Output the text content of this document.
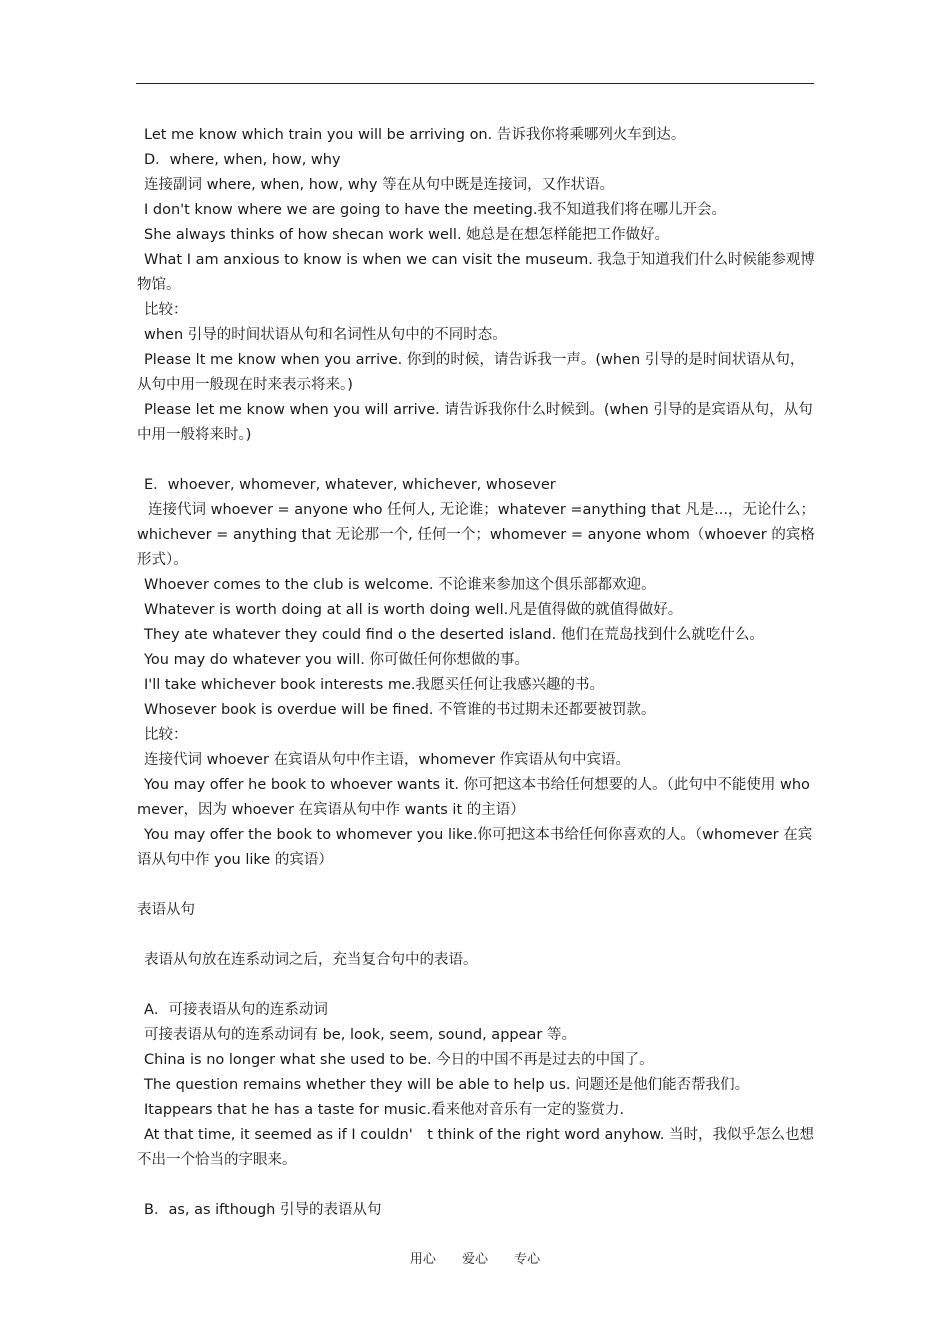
Let me know which train you will be arriving on. 告诉我你将乘哪列火车到达。

D．where, when, how, why

连接副词 where, when, how, why 等在从句中既是连接词，又作状语。

I don't know where we are going to have the meeting.我不知道我们将在哪儿开会。

She always thinks of how shecan work well. 她总是在想怎样能把工作做好。

What I am anxious to know is when we can visit the museum. 我急于知道我们什么时候能参观博物馆。

比较：

when 引导的时间状语从句和名词性从句中的不同时态。

Please lt me know when you arrive. 你到的时候，请告诉我一声。(when 引导的是时间状语从句，从句中用一般现在时来表示将来。)

Please let me know when you will arrive. 请告诉我你什么时候到。(when 引导的是宾语从句，从句中用一般将来时。)

E．whoever, whomever, whatever, whichever, whosever

连接代词 whoever = anyone who 任何人, 无论谁；whatever =anything that 凡是...，无论什么；whichever = anything that 无论那一个, 任何一个；whomever = anyone whom（whoever 的宾格形式）。

Whoever comes to the club is welcome. 不论谁来参加这个俱乐部都欢迎。

Whatever is worth doing at all is worth doing well.凡是值得做的就值得做好。

They ate whatever they could find o the deserted island. 他们在荒岛找到什么就吃什么。

You may do whatever you will. 你可做任何你想做的事。

I'll take whichever book interests me.我愿买任何让我感兴趣的书。

Whosever book is overdue will be fined. 不管谁的书过期未还都要被罚款。

比较：

连接代词 whoever 在宾语从句中作主语，whomever 作宾语从句中宾语。

You may offer he book to whoever wants it. 你可把这本书给任何想要的人。（此句中不能使用 whomever，因为 whoever 在宾语从句中作 wants it 的主语）

You may offer the book to whomever you like.你可把这本书给任何你喜欢的人。（whomever 在宾语从句中作 you like 的宾语）

表语从句

表语从句放在连系动词之后，充当复合句中的表语。

A．可接表语从句的连系动词

可接表语从句的连系动词有 be, look, seem, sound, appear 等。

China is no longer what she used to be. 今日的中国不再是过去的中国了。

The question remains whether they will be able to help us. 问题还是他们能否帮我们。

Itappears that he has a taste for music.看来他对音乐有一定的鉴赏力.

At that time, it seemed as if I couldn'　t think of the right word anyhow. 当时，我似乎怎么也想不出一个恰当的字眼来。

B．as, as ifthough 引导的表语从句

用心 爱心 专心
